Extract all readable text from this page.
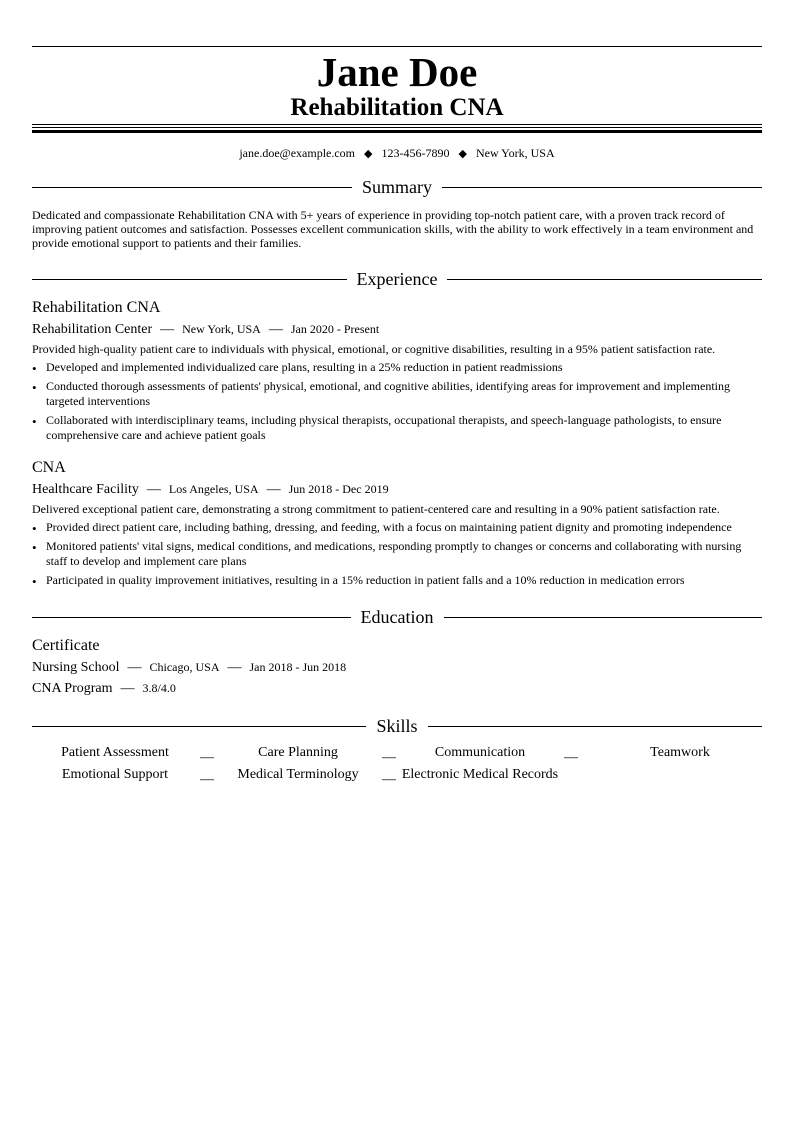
Jane Doe
Rehabilitation CNA
jane.doe@example.com ◆ 123-456-7890 ◆ New York, USA
Summary
Dedicated and compassionate Rehabilitation CNA with 5+ years of experience in providing top-notch patient care, with a proven track record of improving patient outcomes and satisfaction. Possesses excellent communication skills, with the ability to work effectively in a team environment and provide emotional support to patients and their families.
Experience
Rehabilitation CNA
Rehabilitation Center — New York, USA — Jan 2020 - Present
Provided high-quality patient care to individuals with physical, emotional, or cognitive disabilities, resulting in a 95% patient satisfaction rate.
• Developed and implemented individualized care plans, resulting in a 25% reduction in patient readmissions
• Conducted thorough assessments of patients' physical, emotional, and cognitive abilities, identifying areas for improvement and implementing targeted interventions
• Collaborated with interdisciplinary teams, including physical therapists, occupational therapists, and speech-language pathologists, to ensure comprehensive care and achieve patient goals
CNA
Healthcare Facility — Los Angeles, USA — Jun 2018 - Dec 2019
Delivered exceptional patient care, demonstrating a strong commitment to patient-centered care and resulting in a 90% patient satisfaction rate.
• Provided direct patient care, including bathing, dressing, and feeding, with a focus on maintaining patient dignity and promoting independence
• Monitored patients' vital signs, medical conditions, and medications, responding promptly to changes or concerns and collaborating with nursing staff to develop and implement care plans
• Participated in quality improvement initiatives, resulting in a 15% reduction in patient falls and a 10% reduction in medication errors
Education
Certificate
Nursing School — Chicago, USA — Jan 2018 - Jun 2018
CNA Program — 3.8/4.0
Skills
Patient Assessment	—	Care Planning	—	Communication	—	Teamwork
Emotional Support	—	Medical Terminology	— Electronic Medical Records
